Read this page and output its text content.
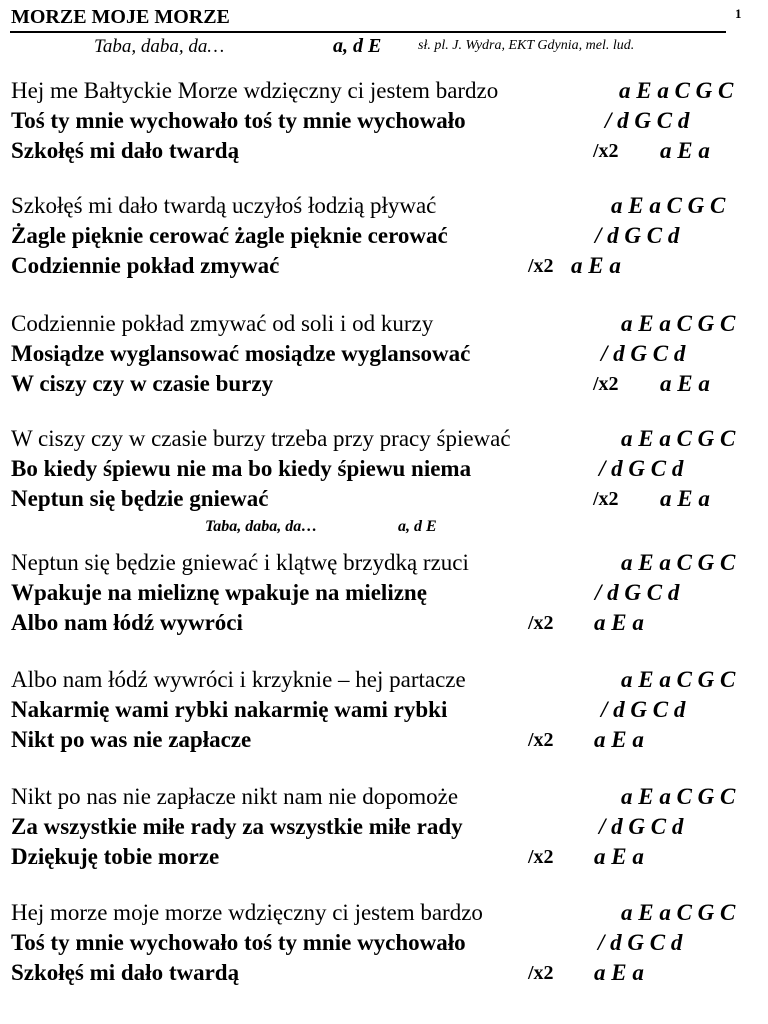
MORZE MOJE MORZE	1
Taba, daba, da…	a, d E	sł. pl. J. Wydra, EKT Gdynia, mel. lud.
Taba, daba, da…	a, d E
Hej me Bałtyckie Morze wdzięczny ci jestem bardzo	a E a C G C
Toś ty mnie wychowało toś ty mnie wychowało	/ d G C d
Szkołęś mi dało twardą	/x2 a E a
Szkołęś mi dało twardą uczyłoś łodzią pływać	a E a C G C
Żagle pięknie cerować żagle pięknie cerować	/ d G C d
Codziennie pokład zmywać	/x2 a E a
Codziennie pokład zmywać od soli i od kurzy	a E a C G C
Mosiądze wyglansować mosiądze wyglansować	/ d G C d
W ciszy czy w czasie burzy	/x2 a E a
W ciszy czy w czasie burzy trzeba przy pracy śpiewać	a E a C G C
Bo kiedy śpiewu nie ma bo kiedy śpiewu niema	/ d G C d
Neptun się będzie gniewać	/x2 a E a
Neptun się będzie gniewać i klątwę brzydką rzuci	a E a C G C
Wpakuje na mieliznę wpakuje na mieliznę	/ d G C d
Albo nam łódź wywróci	/x2 a E a
Albo nam łódź wywróci i krzyknie – hej partacze	a E a C G C
Nakarmię wami rybki nakarmię wami rybki	/ d G C d
Nikt po was nie zapłacze	/x2 a E a
Nikt po nas nie zapłacze nikt nam nie dopomoże	a E a C G C
Za wszystkie miłe rady za wszystkie miłe rady	/ d G C d
Dziękuję tobie morze	/x2 a E a
Hej morze moje morze wdzięczny ci jestem bardzo	a E a C G C
Toś ty mnie wychowało toś ty mnie wychowało	/ d G C d
Szkołęś mi dało twardą	/x2 a E a
